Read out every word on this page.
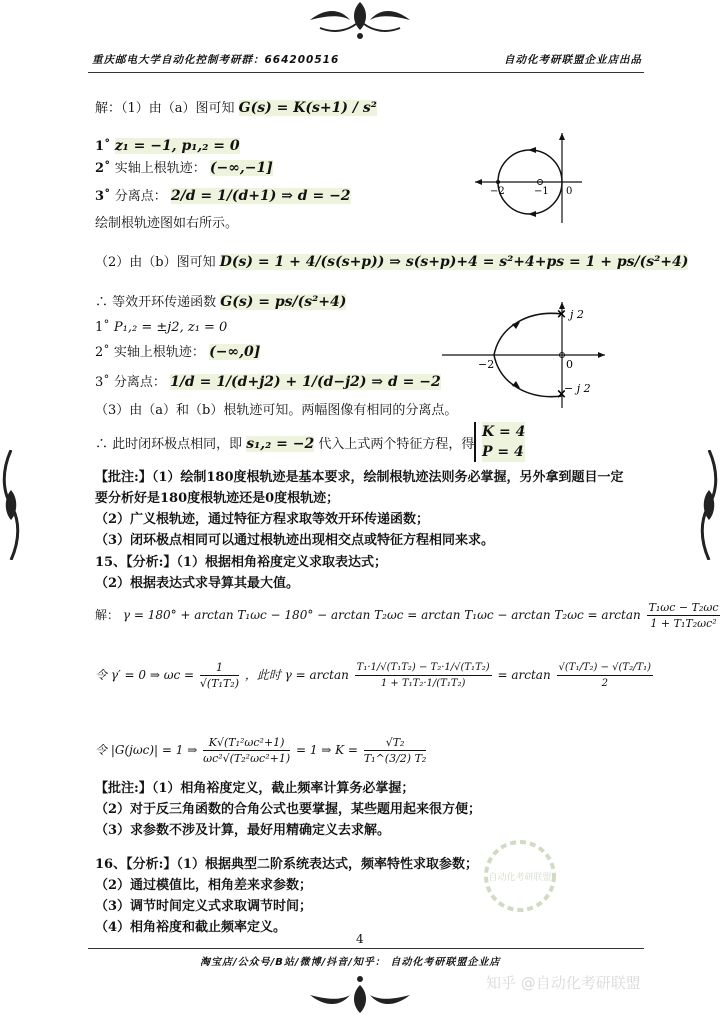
重庆邮电大学自动化控制考研群：664200516	自动化考研联盟企业店出品
解：（1）由（a）图可知 G(s) = K(s+1) / s²
1˚ z₁ = −1, p₁,₂ = 0
2˚ 实轴上根轨迹： (−∞,−1]
3˚ 分离点： 2/d = 1/(d+1) ⇒ d = −2
绘制根轨迹图如右所示。
（2）由（b）图可知 D(s) = 1 + 4/(s(s+p)) ⇒ s(s+p)+4 = s²+4+ps = 1 + ps/(s²+4)
∴ 等效开环传递函数 G(s) = ps/(s²+4)
1˚ P₁,₂ = ±j2, z₁ = 0
2˚ 实轴上根轨迹： (−∞,0]
3˚ 分离点： 1/d = 1/(d+j2) + 1/(d−j2) ⇒ d = −2
（3）由（a）和（b）根轨迹可知。两幅图像有相同的分离点。
∴ 此时闭环极点相同，即 s₁,₂ = −2 代入上式两个特征方程，得
K = 4
P = 4
−2	−1 0
×
×
j 2
− j 2
−2	0
【批注:】（1）绘制180度根轨迹是基本要求，绘制根轨迹法则务必掌握，另外拿到题目一定
要分析好是180度根轨迹还是0度根轨迹；
（2）广义根轨迹，通过特征方程求取等效开环传递函数；
（3）闭环极点相同可以通过根轨迹出现相交点或特征方程相同来求。
15、【分析:】（1）根据相角裕度定义求取表达式；
（2）根据表达式求导算其最大值。
解： $\gamma = 180^\circ + \arctan T_1\omega c - 180^\circ - \arctan T_2\omega c = \arctan T_1\omega c - \arctan T_2\omega c = \arctan \frac{\text{T₁ωc − T₂ωc}}{\text{1 + T₁T₂ωc²}}$
令 γ′ = 0 ⇒ $\omega c = \frac{1}{\text{√(T₁T₂)}}$ ，此时 $\gamma = \arctan \frac{\text{T₁·1/√(T₁T₂) − T₂·1/√(T₁T₂)}}{\text{1 + T₁T₂·1/(T₁T₂)}} = \arctan \frac{\text{√(T₁/T₂) − √(T₂/T₁)}}{2}$
令 |G(jωc)| = 1 ⇒ $\frac{\text{K√(T₁²ωc²+1)}}{\text{ωc²√(T₂²ωc²+1)}} = 1$ ⇒ $K = \frac{\text{√T₂}}{\text{T₁\textasciicircum{}(3/2) T₂}}$
【批注:】（1）相角裕度定义，截止频率计算务必掌握；
（2）对于反三角函数的合角公式也要掌握，某些题用起来很方便；
（3）求参数不涉及计算，最好用精确定义去求解。
16、【分析:】（1）根据典型二阶系统表达式，频率特性求取参数；
（2）通过模值比，相角差来求参数；
（3）调节时间定义式求取调节时间；
（4）相角裕度和截止频率定义。
自动化考研联盟
4
淘宝店/公众号/B站/微博/抖音/知乎： 自动化考研联盟企业店
知乎 @自动化考研联盟
